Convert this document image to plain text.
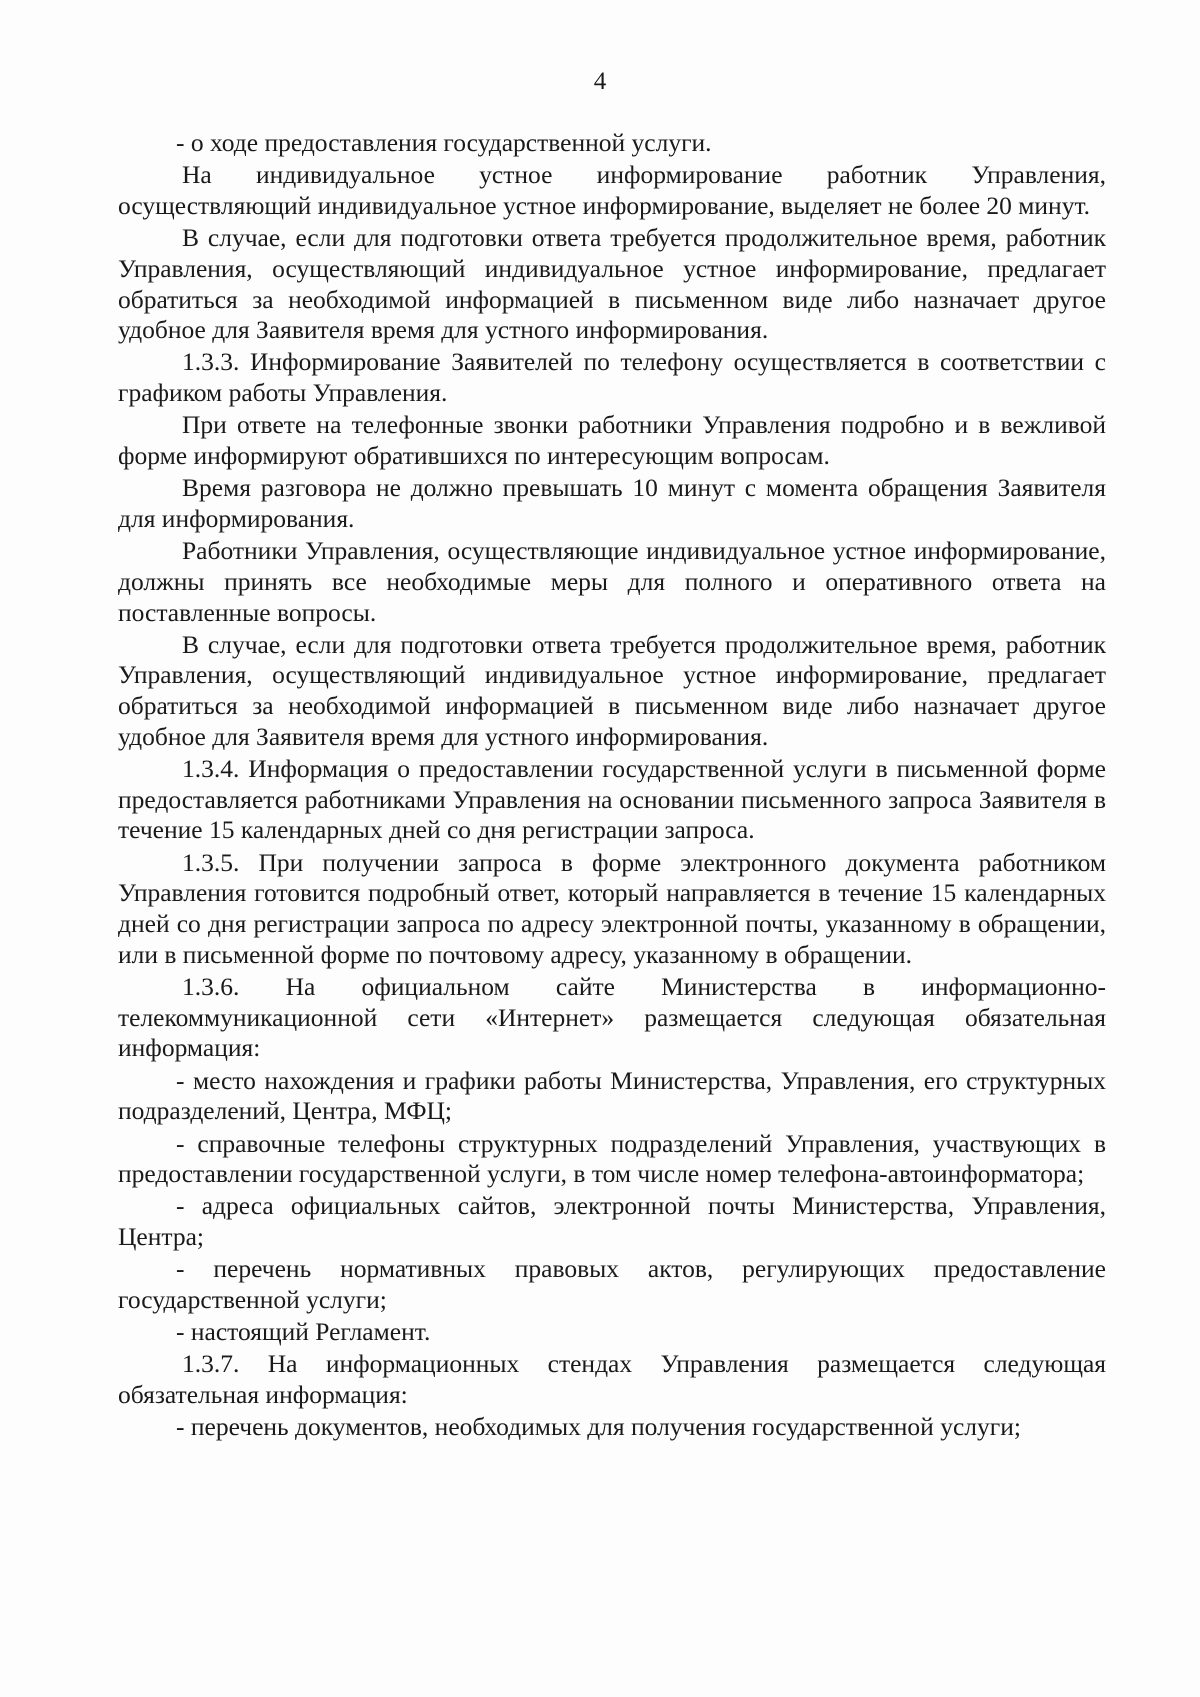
4

- о ходе предоставления государственной услуги.

На индивидуальное устное информирование работник Управления, осуществляющий индивидуальное устное информирование, выделяет не более 20 минут.

В случае, если для подготовки ответа требуется продолжительное время, работник Управления, осуществляющий индивидуальное устное информирование, предлагает обратиться за необходимой информацией в письменном виде либо назначает другое удобное для Заявителя время для устного информирования.

1.3.3. Информирование Заявителей по телефону осуществляется в соответствии с графиком работы Управления.

При ответе на телефонные звонки работники Управления подробно и в вежливой форме информируют обратившихся по интересующим вопросам.

Время разговора не должно превышать 10 минут с момента обращения Заявителя для информирования.

Работники Управления, осуществляющие индивидуальное устное информирование, должны принять все необходимые меры для полного и оперативного ответа на поставленные вопросы.

В случае, если для подготовки ответа требуется продолжительное время, работник Управления, осуществляющий индивидуальное устное информирование, предлагает обратиться за необходимой информацией в письменном виде либо назначает другое удобное для Заявителя время для устного информирования.

1.3.4. Информация о предоставлении государственной услуги в письменной форме предоставляется работниками Управления на основании письменного запроса Заявителя в течение 15 календарных дней со дня регистрации запроса.

1.3.5. При получении запроса в форме электронного документа работником Управления готовится подробный ответ, который направляется в течение 15 календарных дней со дня регистрации запроса по адресу электронной почты, указанному в обращении, или в письменной форме по почтовому адресу, указанному в обращении.

1.3.6. На официальном сайте Министерства в информационно-телекоммуникационной сети «Интернет» размещается следующая обязательная информация:

- место нахождения и графики работы Министерства, Управления, его структурных подразделений, Центра, МФЦ;

- справочные телефоны структурных подразделений Управления, участвующих в предоставлении государственной услуги, в том числе номер телефона-автоинформатора;

- адреса официальных сайтов, электронной почты Министерства, Управления, Центра;

- перечень нормативных правовых актов, регулирующих предоставление государственной услуги;

- настоящий Регламент.

1.3.7. На информационных стендах Управления размещается следующая обязательная информация:

- перечень документов, необходимых для получения государственной услуги;
